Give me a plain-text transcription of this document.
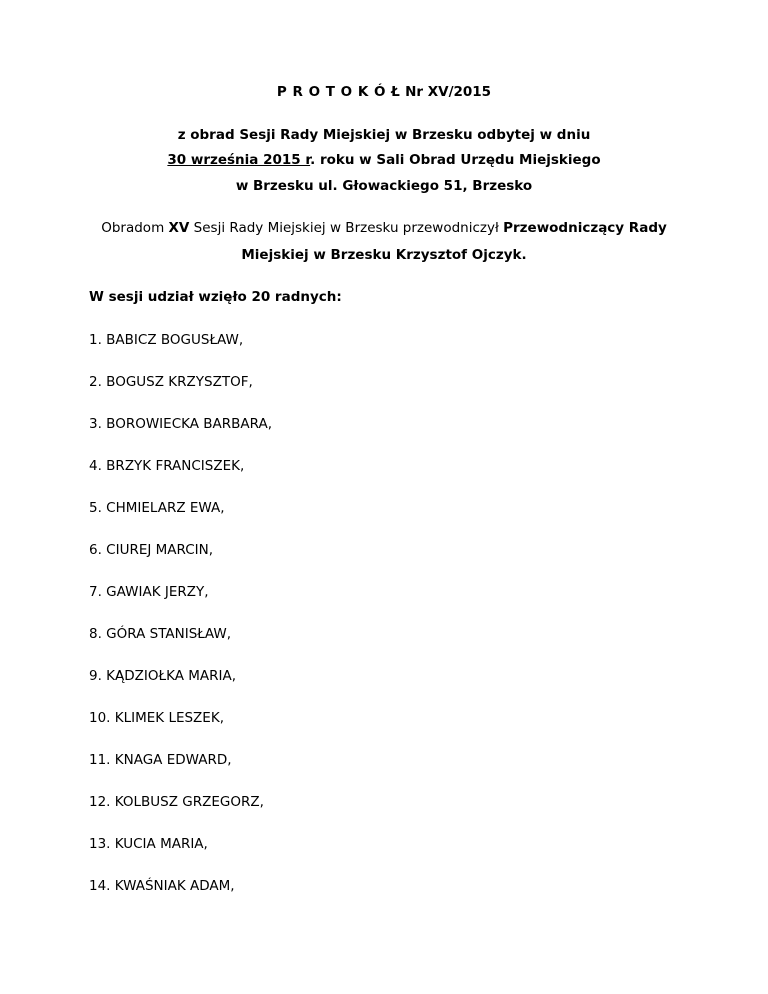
P R O T O K Ó Ł Nr XV/2015
z obrad Sesji Rady Miejskiej w Brzesku odbytej w dniu
30 września 2015 r. roku w Sali Obrad Urzędu Miejskiego
w Brzesku ul. Głowackiego 51, Brzesko
Obradom XV Sesji Rady Miejskiej w Brzesku przewodniczył Przewodniczący Rady
Miejskiej w Brzesku Krzysztof Ojczyk.
W sesji udział wzięło 20 radnych:
1. BABICZ BOGUSŁAW,
2. BOGUSZ KRZYSZTOF,
3. BOROWIECKA BARBARA,
4. BRZYK FRANCISZEK,
5. CHMIELARZ EWA,
6. CIUREJ MARCIN,
7. GAWIAK JERZY,
8. GÓRA STANISŁAW,
9. KĄDZIOŁKA MARIA,
10. KLIMEK LESZEK,
11. KNAGA EDWARD,
12. KOLBUSZ GRZEGORZ,
13. KUCIA MARIA,
14. KWAŚNIAK ADAM,
